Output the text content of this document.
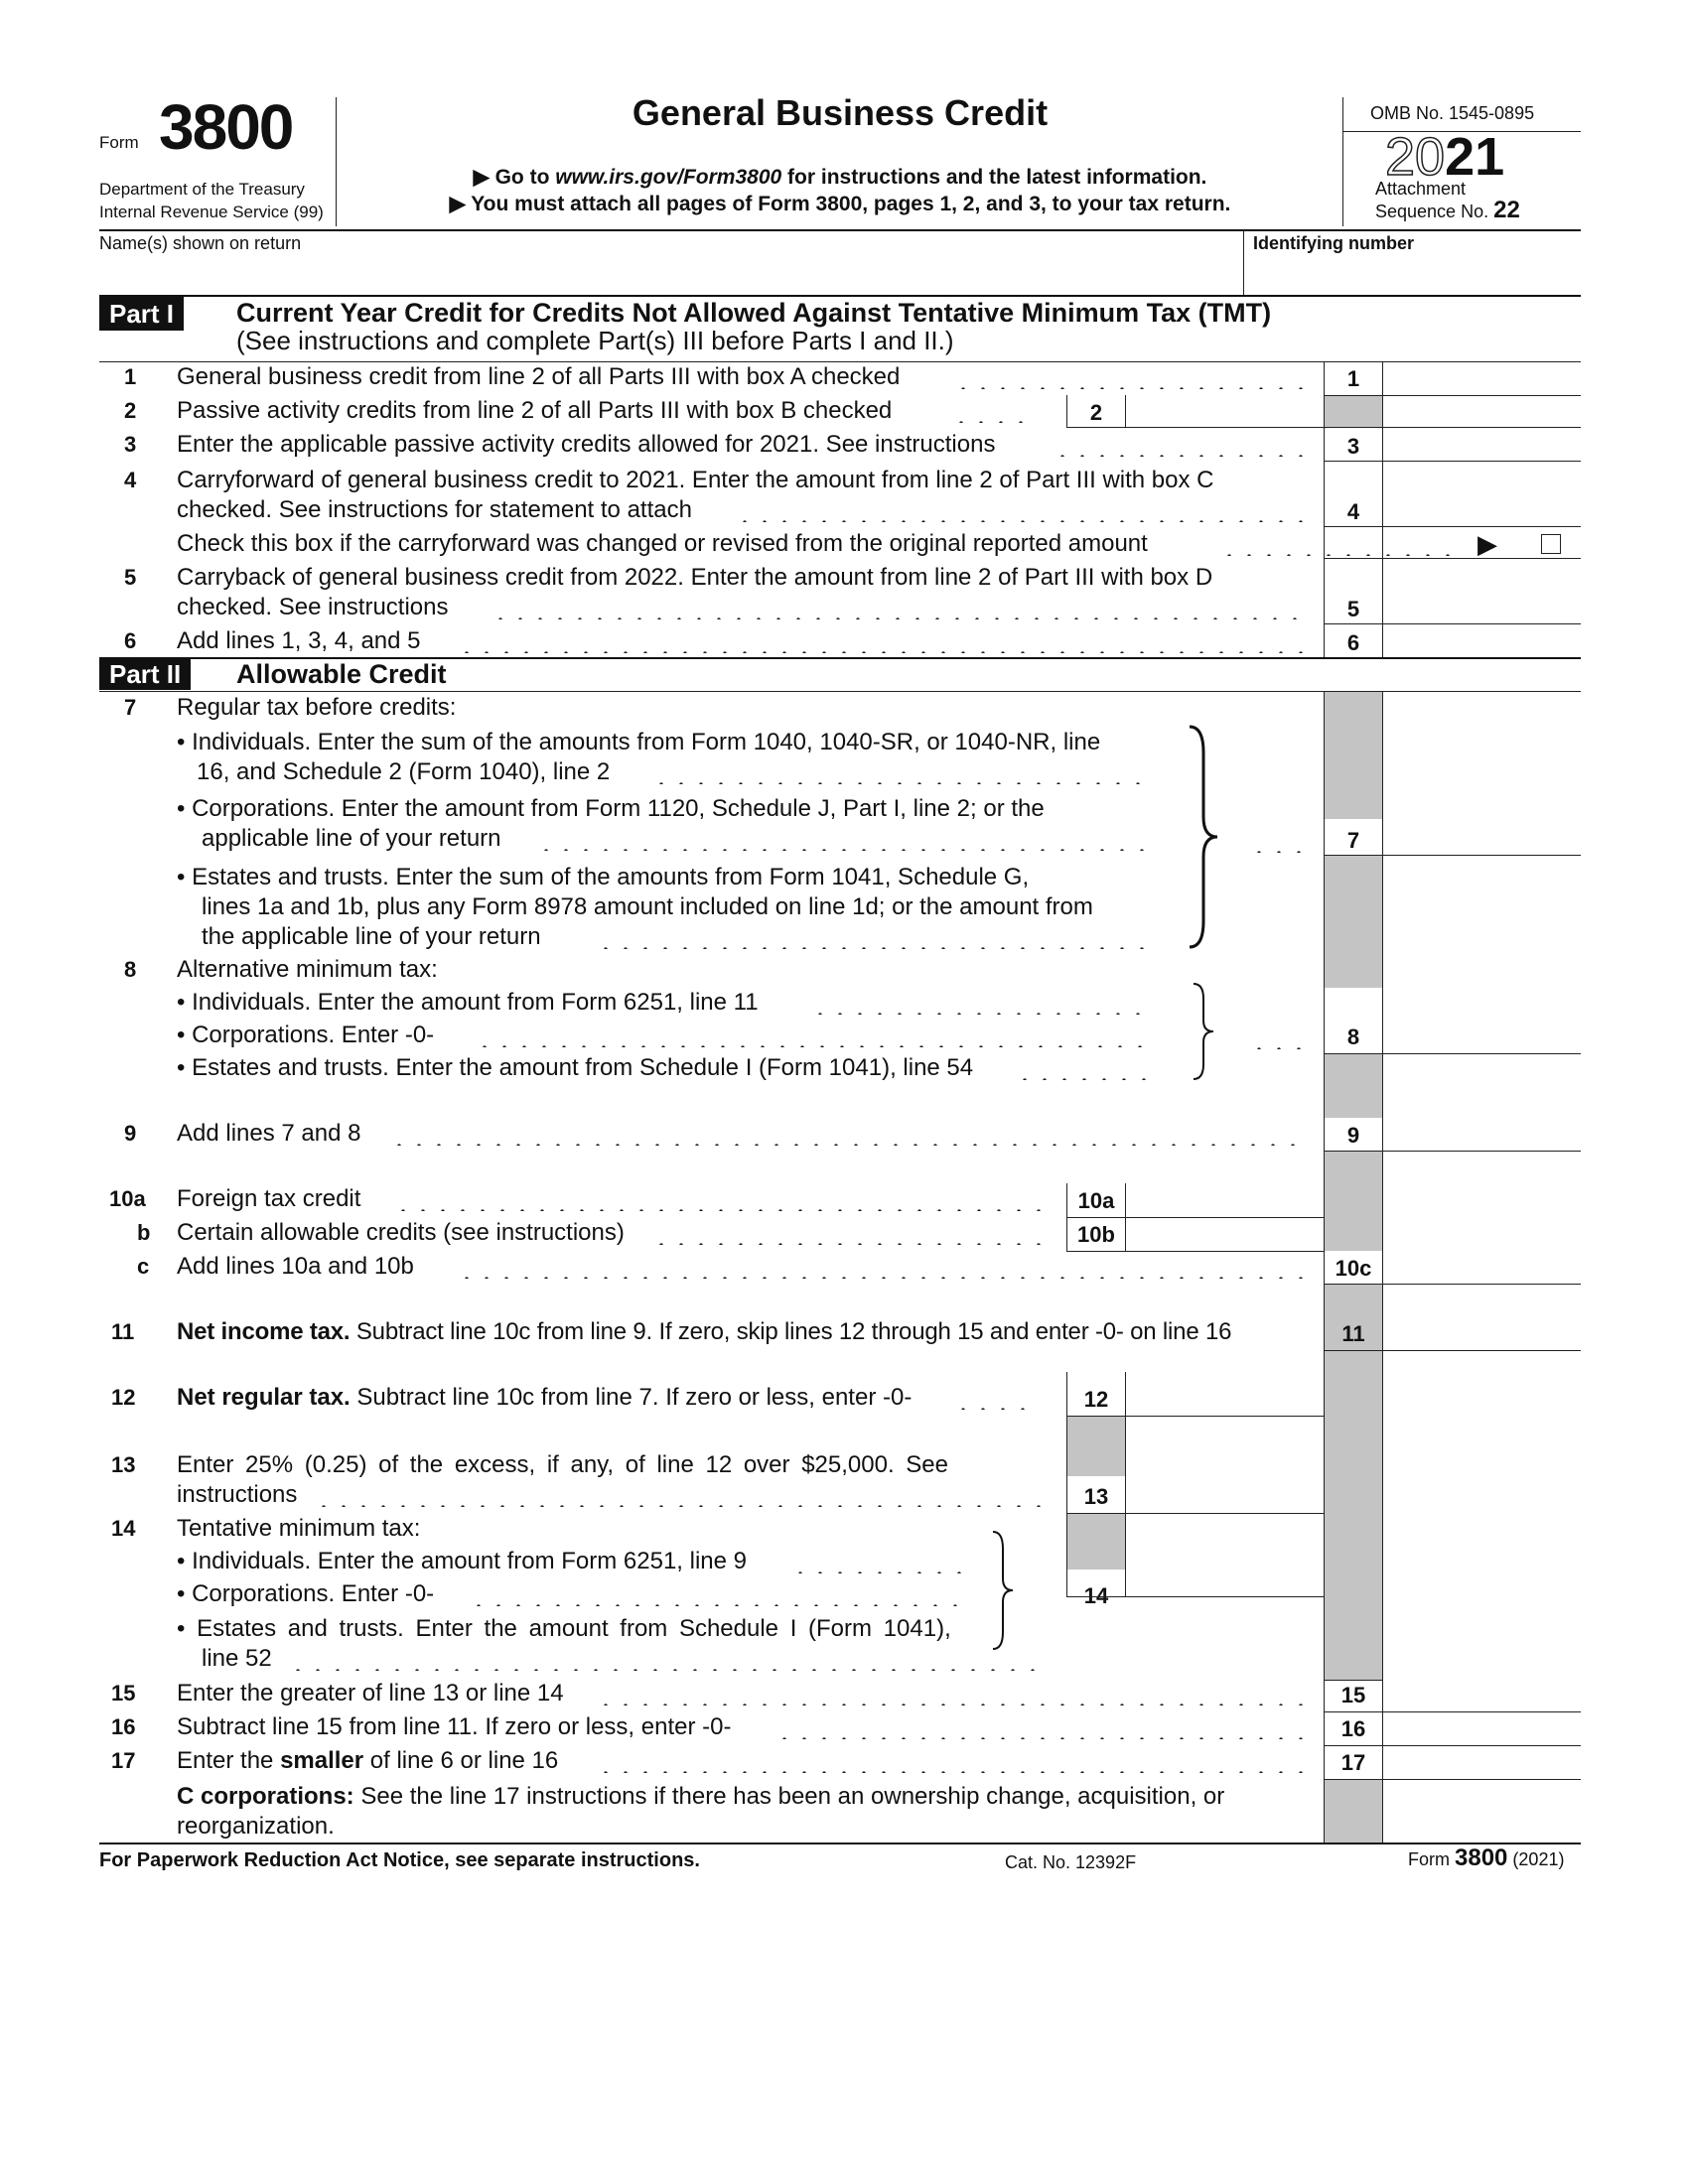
Form 3800
Department of the Treasury
Internal Revenue Service (99)
General Business Credit
▶ Go to www.irs.gov/Form3800 for instructions and the latest information.
▶ You must attach all pages of Form 3800, pages 1, 2, and 3, to your tax return.
OMB No. 1545-0895
2021
Attachment
Sequence No. 22
Name(s) shown on return	Identifying number
Part I	Current Year Credit for Credits Not Allowed Against Tentative Minimum Tax (TMT)
(See instructions and complete Part(s) III before Parts I and II.)
1 General business credit from line 2 of all Parts III with box A checked	1
2 Passive activity credits from line 2 of all Parts III with box B checked	2
3 Enter the applicable passive activity credits allowed for 2021. See instructions	3
4 Carryforward of general business credit to 2021. Enter the amount from line 2 of Part III with box C
checked. See instructions for statement to attach	4
Check this box if the carryforward was changed or revised from the original reported amount	▶
5 Carryback of general business credit from 2022. Enter the amount from line 2 of Part III with box D
checked. See instructions	5
6 Add lines 1, 3, 4, and 5	6
Part II	Allowable Credit
7 Regular tax before credits:
• Individuals. Enter the sum of the amounts from Form 1040, 1040-SR, or 1040-NR, line
16, and Schedule 2 (Form 1040), line 2
• Corporations. Enter the amount from Form 1120, Schedule J, Part I, line 2; or the
applicable line of your return
• Estates and trusts. Enter the sum of the amounts from Form 1041, Schedule G,
lines 1a and 1b, plus any Form 8978 amount included on line 1d; or the amount from
the applicable line of your return
7
8 Alternative minimum tax:
• Individuals. Enter the amount from Form 6251, line 11
• Corporations. Enter -0-
• Estates and trusts. Enter the amount from Schedule I (Form 1041), line 54
8
9 Add lines 7 and 8	9
10a Foreign tax credit	10a
b Certain allowable credits (see instructions)	10b
c Add lines 10a and 10b	10c
11 Net income tax. Subtract line 10c from line 9. If zero, skip lines 12 through 15 and enter -0- on line 16	11
12 Net regular tax. Subtract line 10c from line 7. If zero or less, enter -0-	12
13 Enter 25% (0.25) of the excess, if any, of line 12 over $25,000. See
instructions	13
14 Tentative minimum tax:
• Individuals. Enter the amount from Form 6251, line 9
• Corporations. Enter -0-
• Estates and trusts. Enter the amount from Schedule I (Form 1041),
line 52
14
15 Enter the greater of line 13 or line 14	15
16 Subtract line 15 from line 11. If zero or less, enter -0-	16
17 Enter the smaller of line 6 or line 16	17
C corporations: See the line 17 instructions if there has been an ownership change, acquisition, or
reorganization.
For Paperwork Reduction Act Notice, see separate instructions.	Cat. No. 12392F	Form 3800 (2021)
